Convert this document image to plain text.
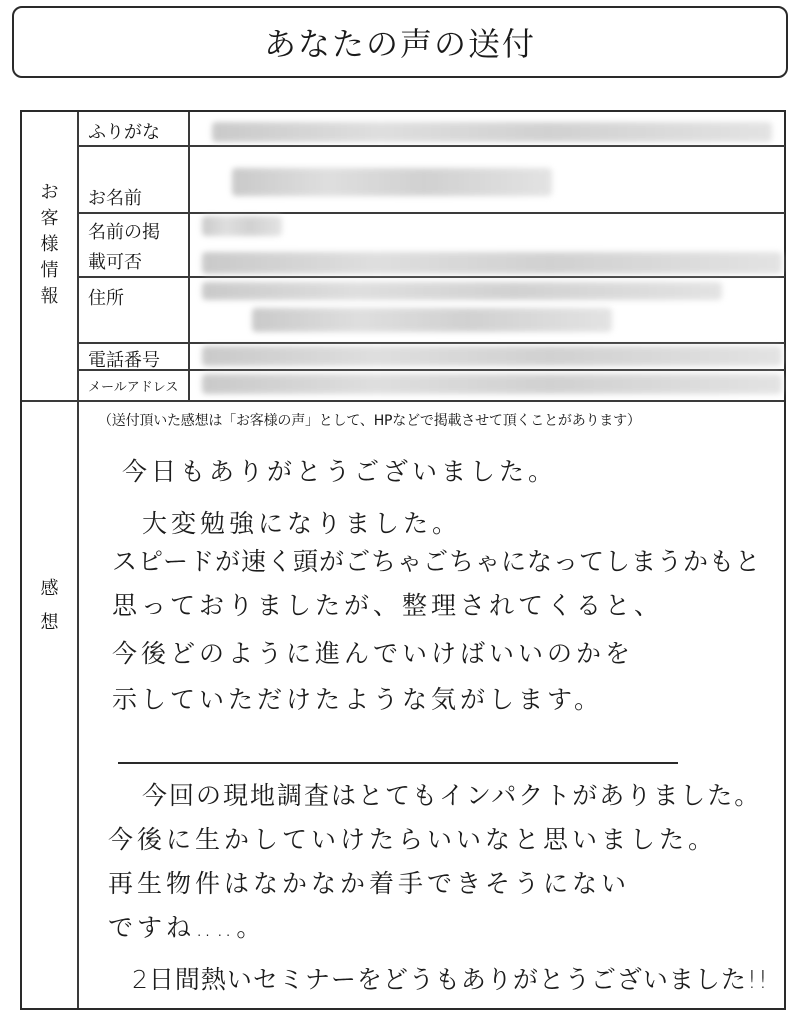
あなたの声の送付
お
客
様
情
報
感
想
ふりがな
お名前
名前の掲
載可否
住所
電話番号
メールアドレス
（送付頂いた感想は「お客様の声」として、HPなどで掲載させて頂くことがあります）
今日もありがとうございました。
大変勉強になりました。
スピードが速く頭がごちゃごちゃになってしまうかもと
思っておりましたが、整理されてくると、
今後どのように進んでいけばいいのかを
示していただけたような気がします。
今回の現地調査はとてもインパクトがありました。
今後に生かしていけたらいいなと思いました。
再生物件はなかなか着手できそうにない
ですね‥‥。
2日間熱いセミナーをどうもありがとうございました!!
